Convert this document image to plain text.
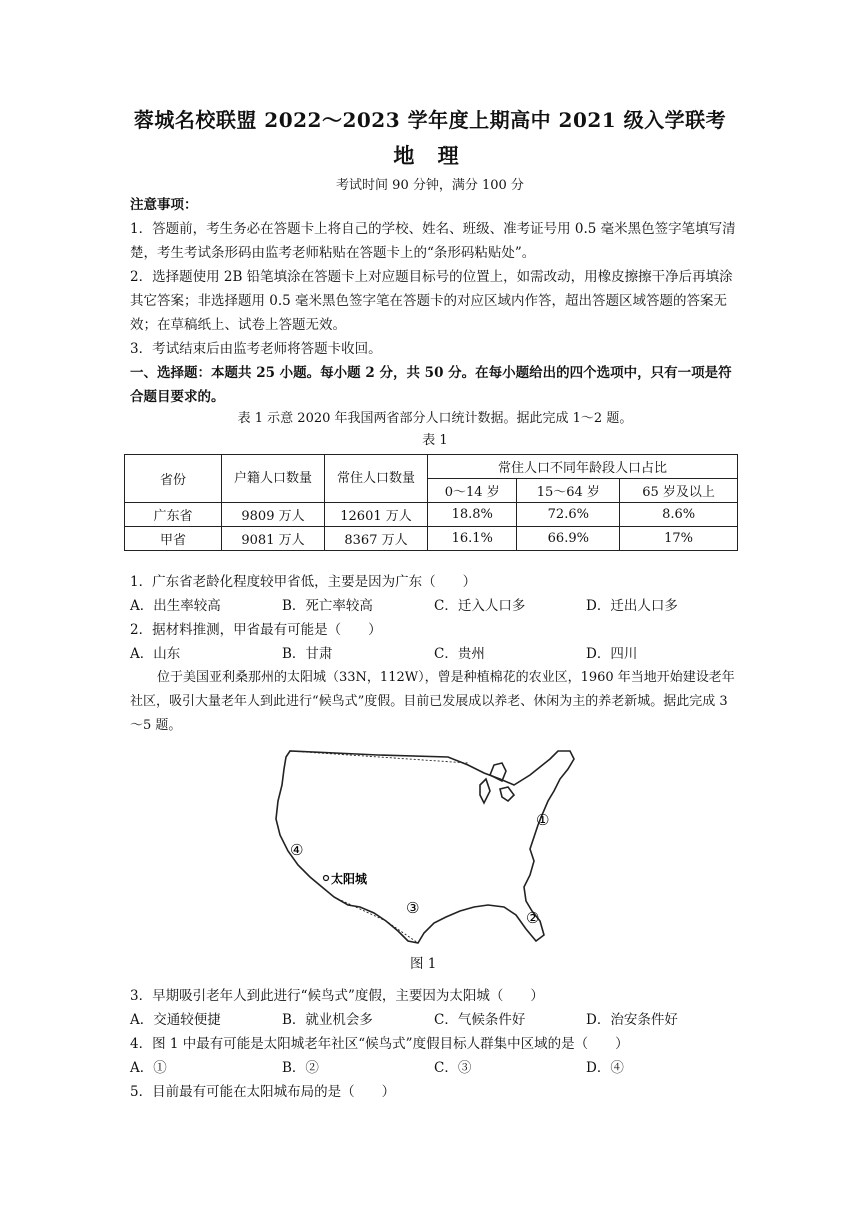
蓉城名校联盟 2022～2023 学年度上期高中 2021 级入学联考
地 理
考试时间 90 分钟，满分 100 分
注意事项：
1．答题前，考生务必在答题卡上将自己的学校、姓名、班级、准考证号用 0.5 毫米黑色签字笔填写清楚，考生考试条形码由监考老师粘贴在答题卡上的“条形码粘贴处”。
2．选择题使用 2B 铅笔填涂在答题卡上对应题目标号的位置上，如需改动，用橡皮擦擦干净后再填涂其它答案；非选择题用 0.5 毫米黑色签字笔在答题卡的对应区域内作答，超出答题区域答题的答案无效；在草稿纸上、试卷上答题无效。
3．考试结束后由监考老师将答题卡收回。
一、选择题：本题共 25 小题。每小题 2 分，共 50 分。在每小题给出的四个选项中，只有一项是符合题目要求的。
表 1 示意 2020 年我国两省部分人口统计数据。据此完成 1～2 题。
表 1
省份	户籍人口数量	常住人口数量	常住人口不同年龄段人口占比		
			0～14 岁	15～64 岁	65 岁及以上
广东省	9809 万人	12601 万人	18.8%	72.6%	8.6%
甲省	9081 万人	8367 万人	16.1%	66.9%	17%
1．广东省老龄化程度较甲省低，主要是因为广东（　　）
A．出生率较高	B．死亡率较高	C．迁入人口多	D．迁出人口多
2．据材料推测，甲省最有可能是（　　）
A．山东	B．甘肃	C．贵州	D．四川
位于美国亚利桑那州的太阳城（33N，112W），曾是种植棉花的农业区，1960 年当地开始建设老年社区，吸引大量老年人到此进行“候鸟式”度假。目前已发展成以养老、休闲为主的养老新城。据此完成 3～5 题。
太阳城
①
②
③
④
图 1
3．早期吸引老年人到此进行“候鸟式”度假，主要因为太阳城（　　）
A．交通较便捷	B．就业机会多	C．气候条件好	D．治安条件好
4．图 1 中最有可能是太阳城老年社区“候鸟式”度假目标人群集中区域的是（　　）
A．①	B．②	C．③	D．④
5．目前最有可能在太阳城布局的是（　　）
